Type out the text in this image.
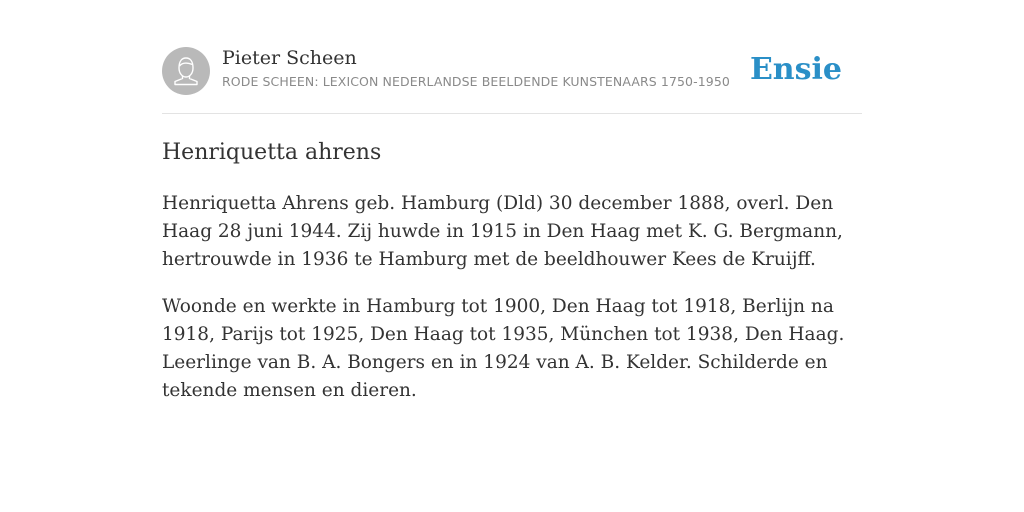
Pieter Scheen
RODE SCHEEN: LEXICON NEDERLANDSE BEELDENDE KUNSTENAARS 1750-1950 Ensie
Henriquetta ahrens

Henriquetta Ahrens geb. Hamburg (Dld) 30 december 1888, overl. Den Haag 28 juni 1944. Zij huwde in 1915 in Den Haag met K. G. Bergmann, hertrouwde in 1936 te Hamburg met de beeldhouwer Kees de Kruijff.

Woonde en werkte in Hamburg tot 1900, Den Haag tot 1918, Berlijn na 1918, Parijs tot 1925, Den Haag tot 1935, München tot 1938, Den Haag. Leerlinge van B. A. Bongers en in 1924 van A. B. Kelder. Schilderde en tekende mensen en dieren.
